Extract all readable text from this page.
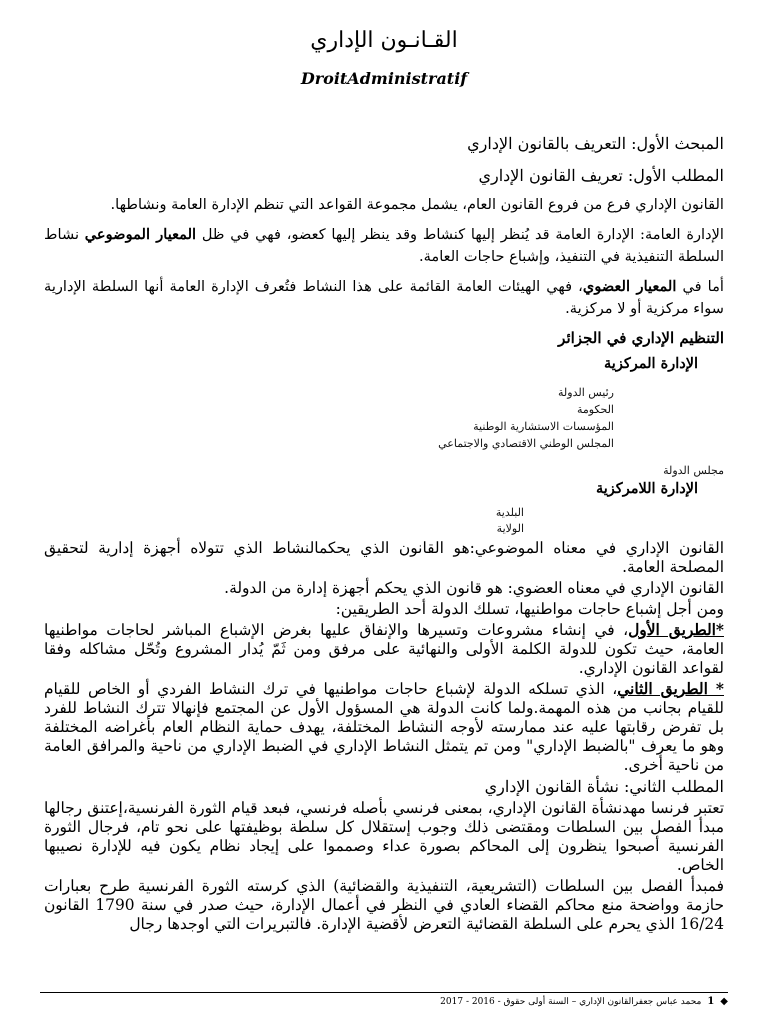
القـانـون الإداري
DroitAdministratif
المبحث الأول: التعريف بالقانون الإداري
المطلب الأول: تعريف القانون الإداري

القانون الإداري فرع من فروع القانون العام، يشمل مجموعة القواعد التي تنظم الإدارة العامة ونشاطها.

الإدارة العامة: الإدارة العامة قد يُنظر إليها كنشاط وقد ينظر إليها كعضو، فهي في ظل المعيار الموضوعي نشاط السلطة التنفيذية في التنفيذ، وإشباع حاجات العامة.

أما في المعيار العضوي، فهي الهيئات العامة القائمة على هذا النشاط فتُعرف الإدارة العامة أنها السلطة الإدارية سواء مركزية أو لا مركزية.

التنظيم الإداري في الجزائر
الإدارة المركزية
رئيس الدولة
الحكومة
المؤسسات الاستشارية الوطنية
المجلس الوطني الاقتصادي والاجتماعي
مجلس الدولة
الإدارة اللامركزية
البلدية
الولاية

القانون الإداري في معناه الموضوعي:هو القانون الذي يحكمالنشاط الذي تتولاه أجهزة إدارية لتحقيق المصلحة العامة.

القانون الإداري في معناه العضوي: هو قانون الذي يحكم أجهزة إدارة من الدولة.

ومن أجل إشباع حاجات مواطنيها، تسلك الدولة أحد الطريقين:

*الطريق الأول، في إنشاء مشروعات وتسيرها والإنفاق عليها بغرض الإشباع المباشر لحاجات مواطنيها العامة، حيث تكون للدولة الكلمة الأولى والنهائية على مرفق ومن ثَمّ يُدار المشروع وتُحّل مشاكله وفقا لقواعد القانون الإداري.

* الطريق الثاني، الذي تسلكه الدولة لإشباع حاجات مواطنيها في ترك النشاط الفردي أو الخاص للقيام للقيام بجانب من هذه المهمة.ولما كانت الدولة هي المسؤول الأول عن المجتمع فإنهالا تترك النشاط للفرد بل تفرض رقابتها عليه عند ممارسته لأوجه النشاط المختلفة، يهدف حماية النظام العام بأغراضه المختلفة وهو ما يعرف "بالضبط الإداري" ومن تم يتمثل النشاط الإداري في الضبط الإداري من ناحية والمرافق العامة من ناحية أخرى.

المطلب الثاني: نشأة القانون الإداري

تعتبر فرنسا مهدنشأة القانون الإداري، بمعنى فرنسي بأصله فرنسي، فبعد قيام الثورة الفرنسية،إعتنق رجالها مبدأ الفصل بين السلطات ومقتضى ذلك وجوب إستقلال كل سلطة بوظيفتها على نحو تام، فرجال الثورة الفرنسية أصبحوا ينظرون إلى المحاكم بصورة عداء وصمموا على إيجاد نظام يكون فيه للإدارة نصيبها الخاص.

فمبدأ الفصل بين السلطات (التشريعية، التنفيذية والقضائية) الذي كرسته الثورة الفرنسية طرح بعبارات حازمة وواضحة منع محاكم القضاء العادي في النظر في أعمال الإدارة، حيث صدر في سنة 1790 القانون 16/24 الذي يحرم على السلطة القضائية التعرض لأقضية الإدارة. فالتبريرات التي اوجدها رجال

◆1محمد عباس جعفرالقانون الإداري – السنة أولى حقوق - 2016 - 2017
